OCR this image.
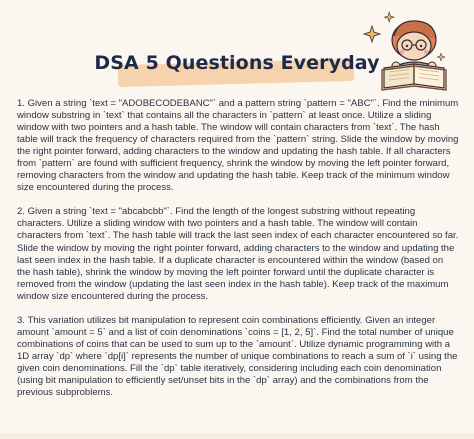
DSA 5 Questions Everyday

1. Given a string `text = "ADOBECODEBANC"` and a pattern string `pattern = "ABC"`. Find the minimum window substring in `text` that contains all the characters in `pattern` at least once. Utilize a sliding window with two pointers and a hash table. The window will contain characters from `text`. The hash table will track the frequency of characters required from the `pattern` string. Slide the window by moving the right pointer forward, adding characters to the window and updating the hash table. If all characters from `pattern` are found with sufficient frequency, shrink the window by moving the left pointer forward, removing characters from the window and updating the hash table. Keep track of the minimum window size encountered during the process.

2. Given a string `text = "abcabcbb"`. Find the length of the longest substring without repeating characters. Utilize a sliding window with two pointers and a hash table. The window will contain characters from `text`. The hash table will track the last seen index of each character encountered so far. Slide the window by moving the right pointer forward, adding characters to the window and updating the last seen index in the hash table. If a duplicate character is encountered within the window (based on the hash table), shrink the window by moving the left pointer forward until the duplicate character is removed from the window (updating the last seen index in the hash table). Keep track of the maximum window size encountered during the process.

3. This variation utilizes bit manipulation to represent coin combinations efficiently. Given an integer amount `amount = 5` and a list of coin denominations `coins = [1, 2, 5]`. Find the total number of unique combinations of coins that can be used to sum up to the `amount`. Utilize dynamic programming with a 1D array `dp` where `dp[i]` represents the number of unique combinations to reach a sum of `i` using the given coin denominations. Fill the `dp` table iteratively, considering including each coin denomination (using bit manipulation to efficiently set/unset bits in the `dp` array) and the combinations from the previous subproblems.
